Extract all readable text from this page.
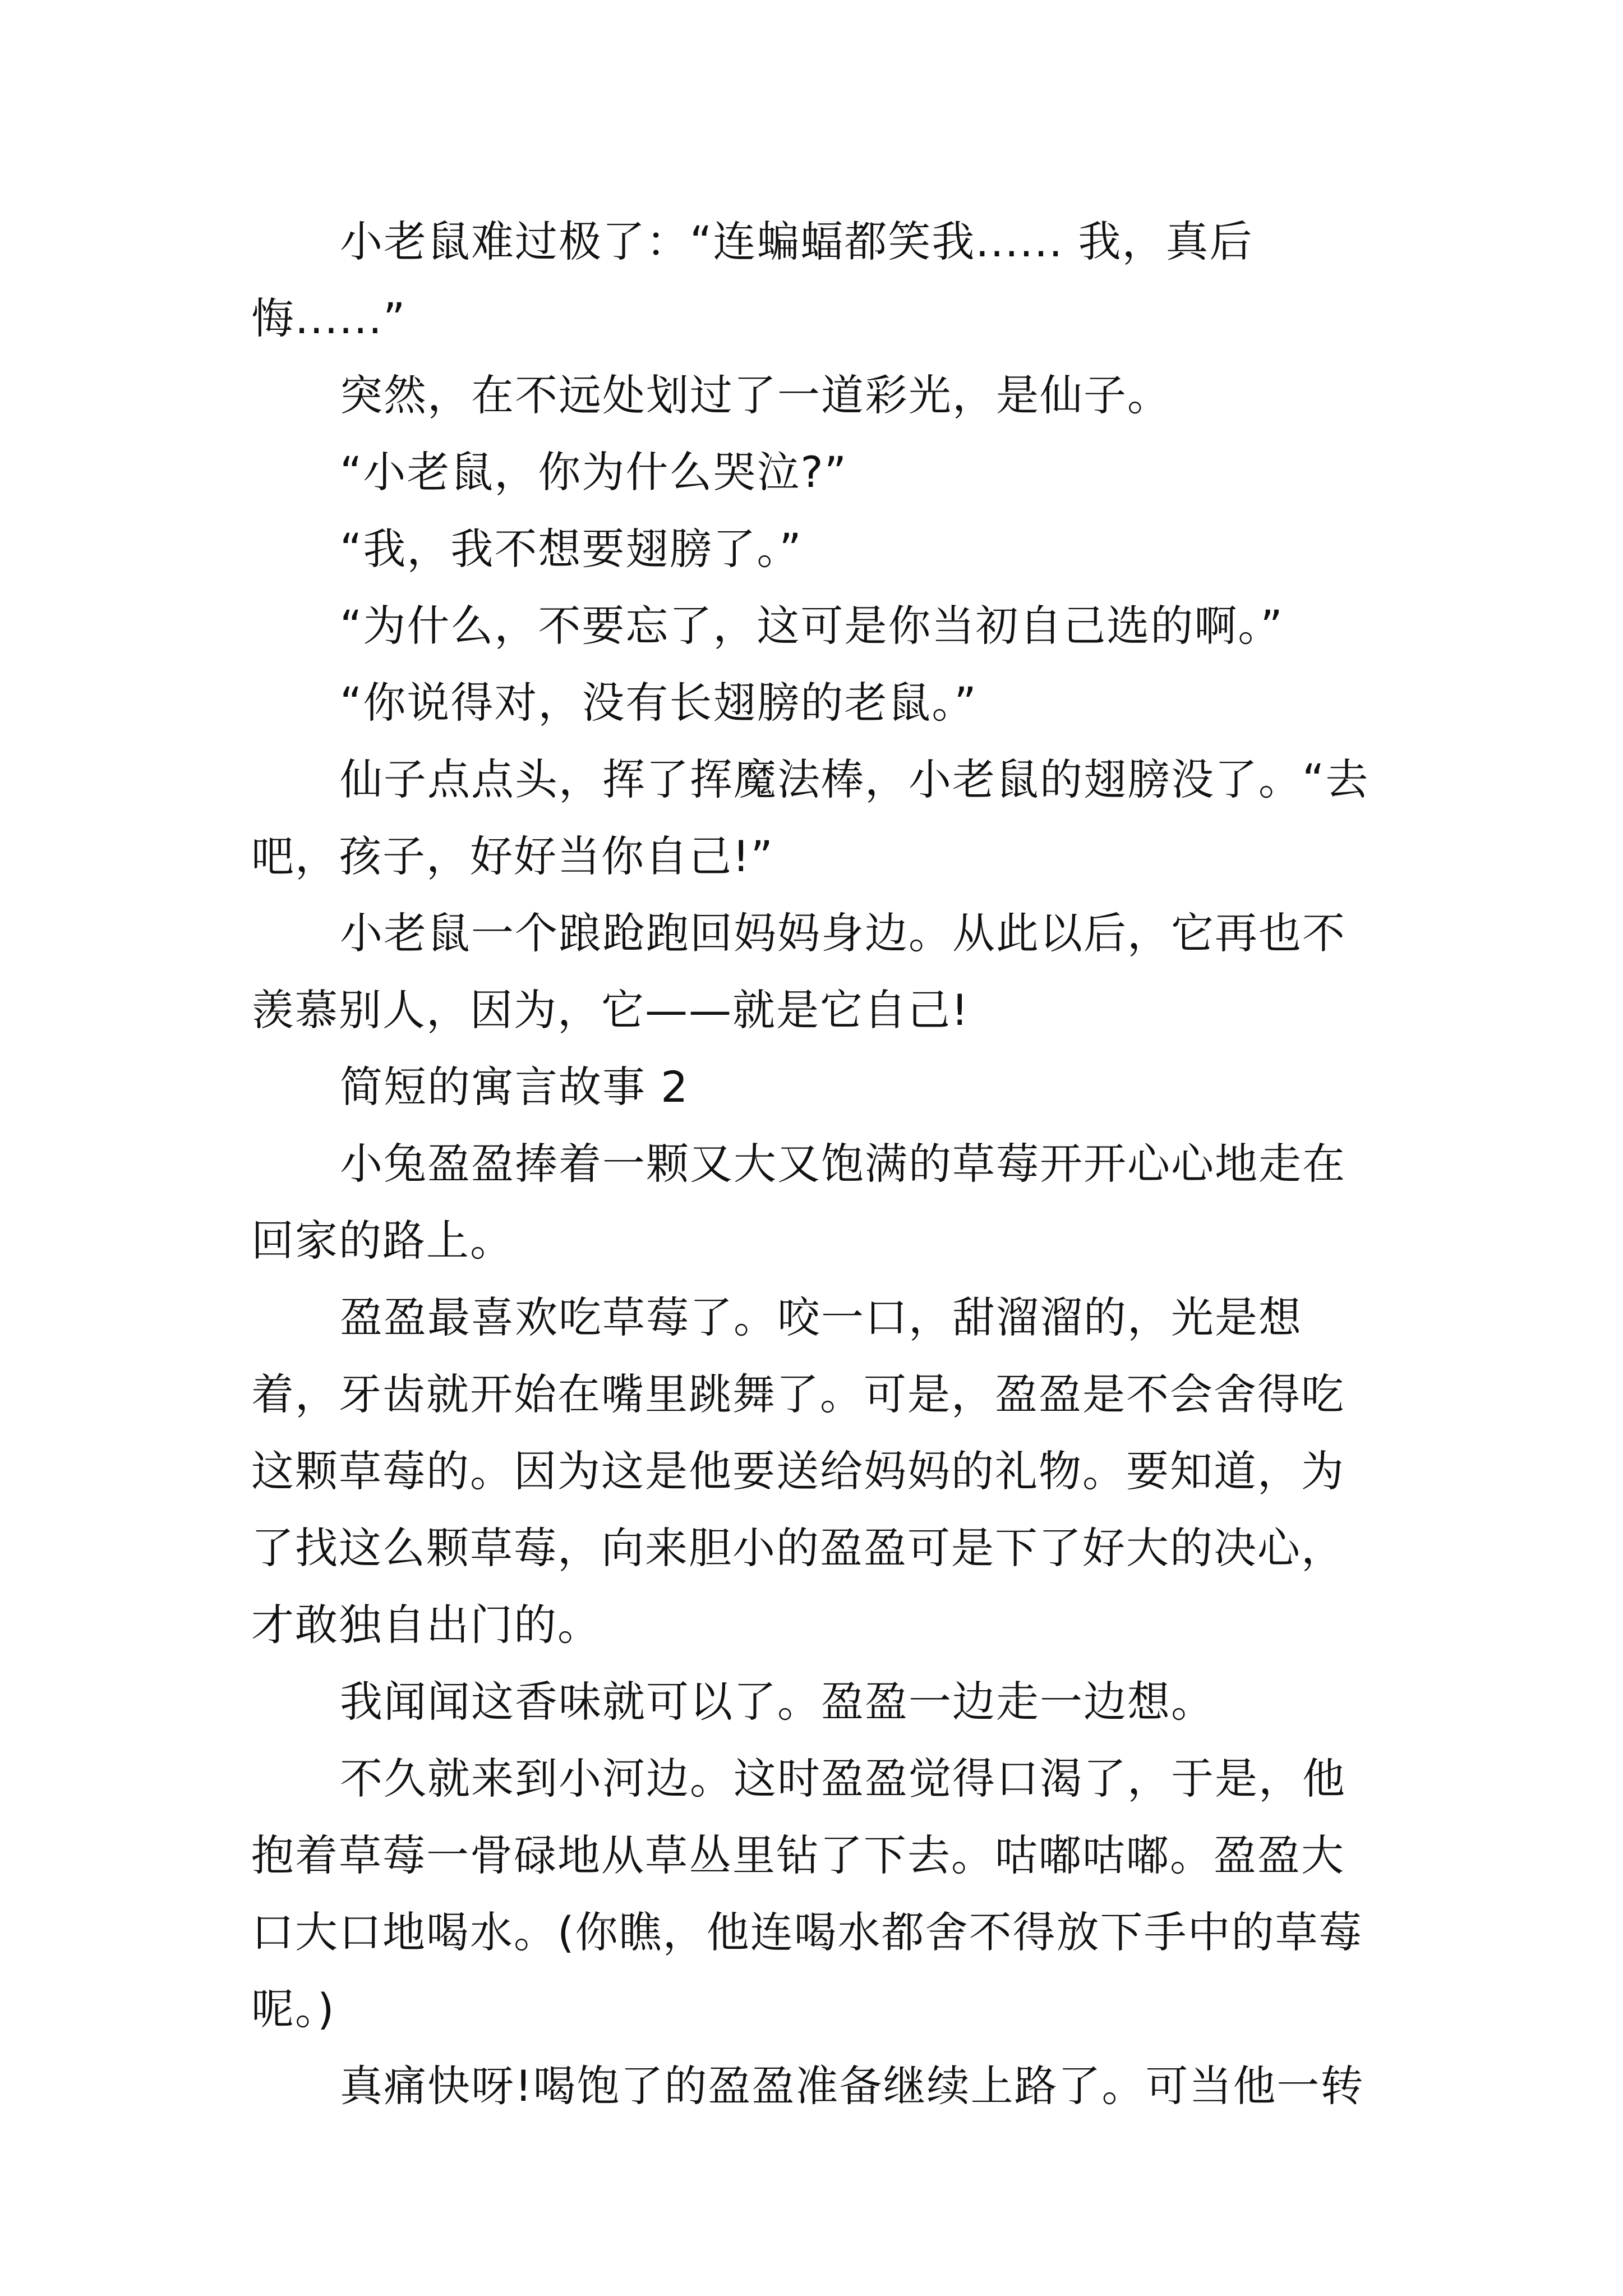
小老鼠难过极了：“连蝙蝠都笑我...... 我，真后悔......”

突然，在不远处划过了一道彩光，是仙子。

“小老鼠，你为什么哭泣?”

“我，我不想要翅膀了。”

“为什么，不要忘了，这可是你当初自己选的啊。”

“你说得对，没有长翅膀的老鼠。”

仙子点点头，挥了挥魔法棒，小老鼠的翅膀没了。“去吧，孩子，好好当你自己!”

小老鼠一个踉跄跑回妈妈身边。从此以后，它再也不羡慕别人，因为，它——就是它自己!

简短的寓言故事 2

小兔盈盈捧着一颗又大又饱满的草莓开开心心地走在回家的路上。

盈盈最喜欢吃草莓了。咬一口，甜溜溜的，光是想着，牙齿就开始在嘴里跳舞了。可是，盈盈是不会舍得吃这颗草莓的。因为这是他要送给妈妈的礼物。要知道，为了找这么颗草莓，向来胆小的盈盈可是下了好大的决心，才敢独自出门的。

我闻闻这香味就可以了。盈盈一边走一边想。

不久就来到小河边。这时盈盈觉得口渴了，于是，他抱着草莓一骨碌地从草丛里钻了下去。咕嘟咕嘟。盈盈大口大口地喝水。(你瞧，他连喝水都舍不得放下手中的草莓呢。)

真痛快呀!喝饱了的盈盈准备继续上路了。可当他一转
